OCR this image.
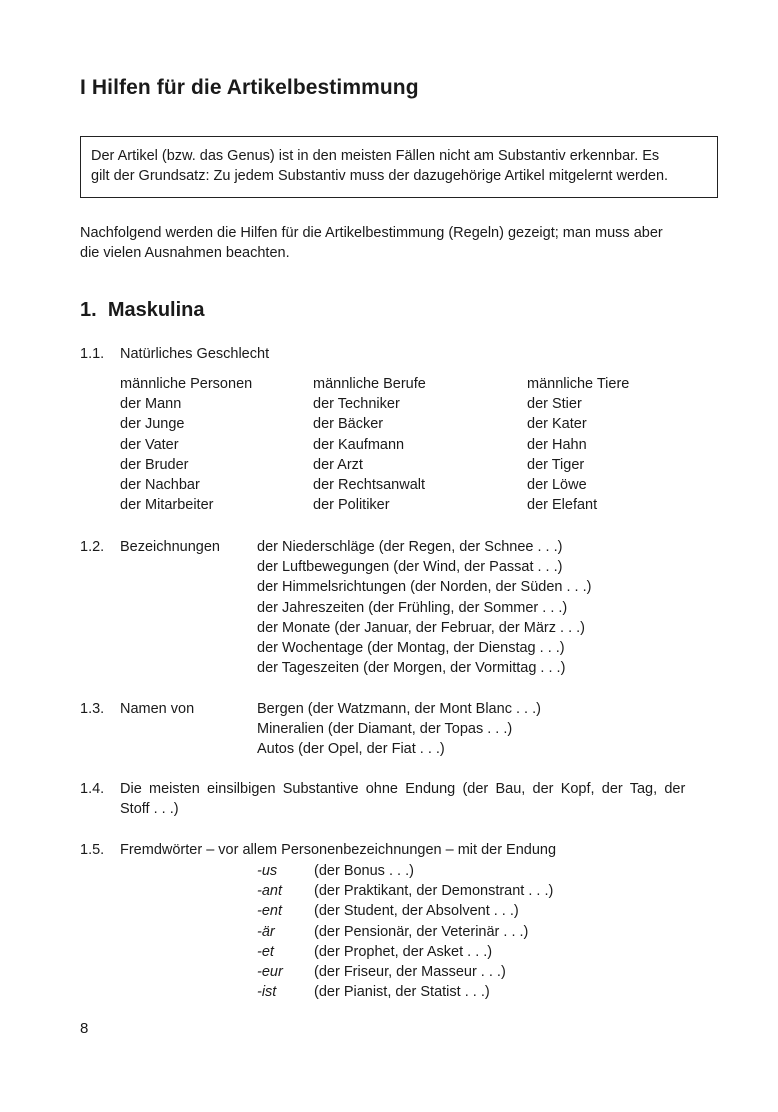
I Hilfen für die Artikelbestimmung
Der Artikel (bzw. das Genus) ist in den meisten Fällen nicht am Substantiv erkennbar. Es
gilt der Grundsatz: Zu jedem Substantiv muss der dazugehörige Artikel mitgelernt werden.
Nachfolgend werden die Hilfen für die Artikelbestimmung (Regeln) gezeigt; man muss aber
die vielen Ausnahmen beachten.
1. Maskulina
1.1. Natürliches Geschlecht
männliche Personen
der Mann
der Junge
der Vater
der Bruder
der Nachbar
der Mitarbeiter
männliche Berufe
der Techniker
der Bäcker
der Kaufmann
der Arzt
der Rechtsanwalt
der Politiker
männliche Tiere
der Stier
der Kater
der Hahn
der Tiger
der Löwe
der Elefant
1.2. Bezeichnungen	der Niederschläge (der Regen, der Schnee . . .)
der Luftbewegungen (der Wind, der Passat . . .)
der Himmelsrichtungen (der Norden, der Süden . . .)
der Jahreszeiten (der Frühling, der Sommer . . .)
der Monate (der Januar, der Februar, der März . . .)
der Wochentage (der Montag, der Dienstag . . .)
der Tageszeiten (der Morgen, der Vormittag . . .)
1.3. Namen von	Bergen (der Watzmann, der Mont Blanc . . .)
Mineralien (der Diamant, der Topas . . .)
Autos (der Opel, der Fiat . . .)
1.4. Die meisten einsilbigen Substantive ohne Endung (der Bau, der Kopf, der Tag, der
Stoff . . .)
1.5. Fremdwörter – vor allem Personenbezeichnungen – mit der Endung
-us
-ant
-ent
-är
-et
-eur
-ist
(der Bonus . . .)
(der Praktikant, der Demonstrant . . .)
(der Student, der Absolvent . . .)
(der Pensionär, der Veterinär . . .)
(der Prophet, der Asket . . .)
(der Friseur, der Masseur . . .)
(der Pianist, der Statist . . .)
8
